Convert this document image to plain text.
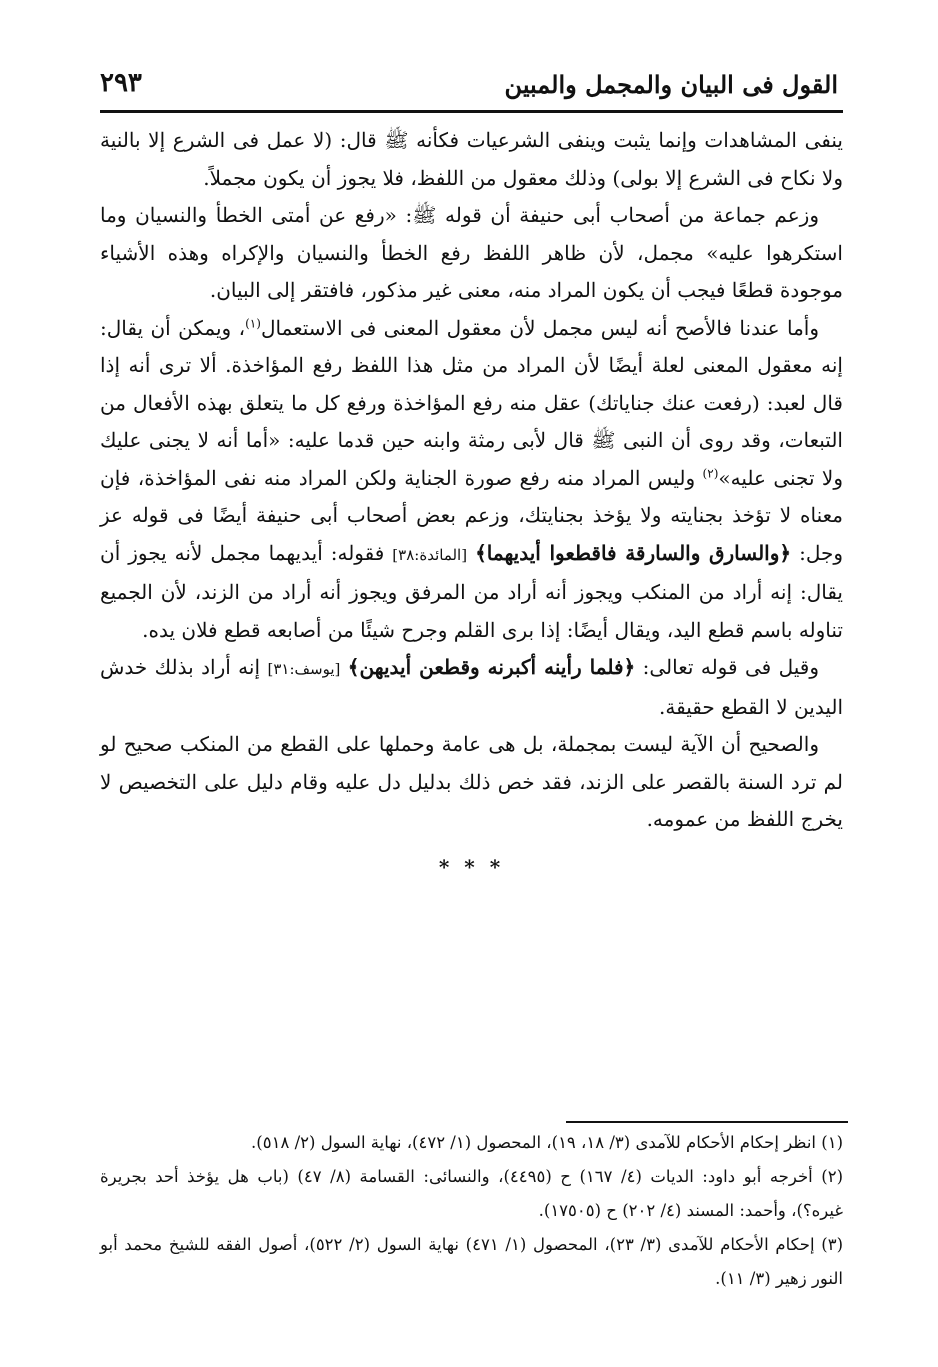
القول فى البيان والمجمل والمبين
٢٩٣

ينفى المشاهدات وإنما يثبت وينفى الشرعيات فكأنه ﷺ قال: (لا عمل فى الشرع إلا بالنية ولا نكاح فى الشرع إلا بولى) وذلك معقول من اللفظ، فلا يجوز أن يكون مجملاً.

وزعم جماعة من أصحاب أبى حنيفة أن قوله ﷺ: «رفع عن أمتى الخطأ والنسيان وما استكرهوا عليه» مجمل، لأن ظاهر اللفظ رفع الخطأ والنسيان والإكراه وهذه الأشياء موجودة قطعًا فيجب أن يكون المراد منه، معنى غير مذكور، فافتقر إلى البيان.

وأما عندنا فالأصح أنه ليس مجمل لأن معقول المعنى فى الاستعمال$^{(١)}$، ويمكن أن يقال: إنه معقول المعنى لعلة أيضًا لأن المراد من مثل هذا اللفظ رفع المؤاخذة. ألا ترى أنه إذا قال لعبد: (رفعت عنك جناياتك) عقل منه رفع المؤاخذة ورفع كل ما يتعلق بهذه الأفعال من التبعات، وقد روى أن النبى ﷺ قال لأبى رمثة وابنه حين قدما عليه: «أما أنه لا يجنى عليك ولا تجنى عليه»$^{(٢)}$ وليس المراد منه رفع صورة الجناية ولكن المراد منه نفى المؤاخذة، فإن معناه لا تؤخذ بجنايته ولا يؤخذ بجنايتك، وزعم بعض أصحاب أبى حنيفة أيضًا فى قوله عز وجل: ﴿والسارق والسارقة فاقطعوا أيديهما﴾ [المائدة:٣٨] فقوله: أيديهما مجمل لأنه يجوز أن يقال: إنه أراد من المنكب ويجوز أنه أراد من المرفق ويجوز أنه أراد من الزند، لأن الجميع تناوله باسم قطع اليد، ويقال أيضًا: إذا برى القلم وجرح شيئًا من أصابعه قطع فلان يده.

وقيل فى قوله تعالى: ﴿فلما رأينه أكبرنه وقطعن أيديهن﴾ [يوسف:٣١] إنه أراد بذلك خدش اليدين لا القطع حقيقة.

والصحيح أن الآية ليست بمجملة، بل هى عامة وحملها على القطع من المنكب صحيح لو لم ترد السنة بالقصر على الزند، فقد خص ذلك بدليل دل عليه وقام دليل على التخصيص لا يخرج اللفظ من عمومه.

* * *

(١) انظر إحكام الأحكام للآمدى (٣/ ١٨، ١٩)، المحصول (١/ ٤٧٢)، نهاية السول (٢/ ٥١٨).

(٢) أخرجه أبو داود: الديات (٤/ ١٦٧) ح (٤٤٩٥)، والنسائى: القسامة (٨/ ٤٧) (باب هل يؤخذ أحد بجريرة غيره؟)، وأحمد: المسند (٤/ ٢٠٢) ح (١٧٥٠٥).

(٣) إحكام الأحكام للآمدى (٣/ ٢٣)، المحصول (١/ ٤٧١) نهاية السول (٢/ ٥٢٢)، أصول الفقه للشيخ محمد أبو النور زهير (٣/ ١١).
